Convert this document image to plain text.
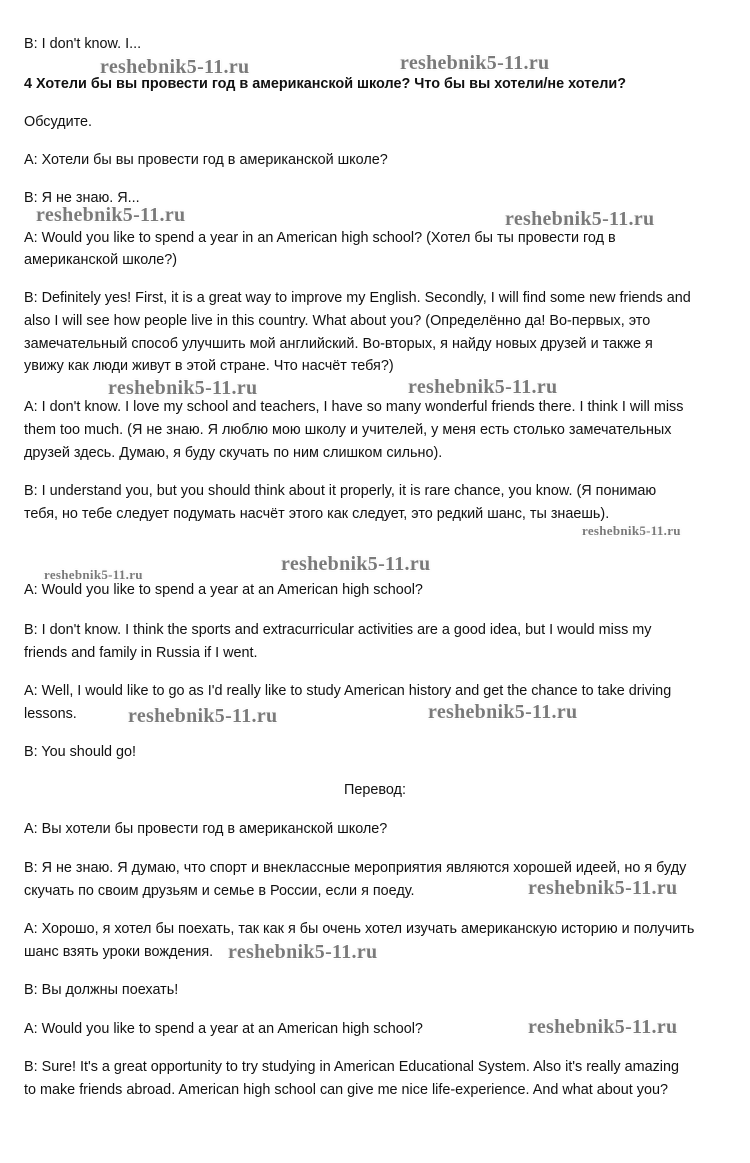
B: I don't know. I...

4 Хотели бы вы провести год в американской школе? Что бы вы хотели/не хотели?

Обсудите.

A: Хотели бы вы провести год в американской школе?

B: Я не знаю. Я...

A: Would you like to spend a year in an American high school? (Хотел бы ты провести год в

американской школе?)

B: Definitely yes! First, it is a great way to improve my English. Secondly, I will find some new friends and

also I will see how people live in this country. What about you? (Определённо да! Во-первых, это

замечательный способ улучшить мой английский. Во-вторых, я найду новых друзей и также я

увижу как люди живут в этой стране. Что насчёт тебя?)

A: I don't know. I love my school and teachers, I have so many wonderful friends there. I think I will miss

them too much. (Я не знаю. Я люблю мою школу и учителей, у меня есть столько замечательных

друзей здесь. Думаю, я буду скучать по ним слишком сильно).

B: I understand you, but you should think about it properly, it is rare chance, you know. (Я понимаю

тебя, но тебе следует подумать насчёт этого как следует, это редкий шанс, ты знаешь).

A: Would you like to spend a year at an American high school?

B: I don't know. I think the sports and extracurricular activities are a good idea, but I would miss my

friends and family in Russia if I went.

A: Well, I would like to go as I'd really like to study American history and get the chance to take driving

lessons.

B: You should go!

Перевод:

A: Вы хотели бы провести год в американской школе?

B: Я не знаю. Я думаю, что спорт и внеклассные мероприятия являются хорошей идеей, но я буду

скучать по своим друзьям и семье в России, если я поеду.

A: Хорошо, я хотел бы поехать, так как я бы очень хотел изучать американскую историю и получить

шанс взять уроки вождения.

B: Вы должны поехать!

A: Would you like to spend a year at an American high school?

B: Sure! It's a great opportunity to try studying in American Educational System. Also it's really amazing

to make friends abroad. American high school can give me nice life-experience. And what about you?

reshebnik5-11.ru	reshebnik5-11.ru
reshebnik5-11.ru	reshebnik5-11.ru
reshebnik5-11.ru	reshebnik5-11.ru
reshebnik5-11.ru
reshebnik5-11.ru
reshebnik5-11.ru
reshebnik5-11.ru	reshebnik5-11.ru
reshebnik5-11.ru
reshebnik5-11.ru
reshebnik5-11.ru
